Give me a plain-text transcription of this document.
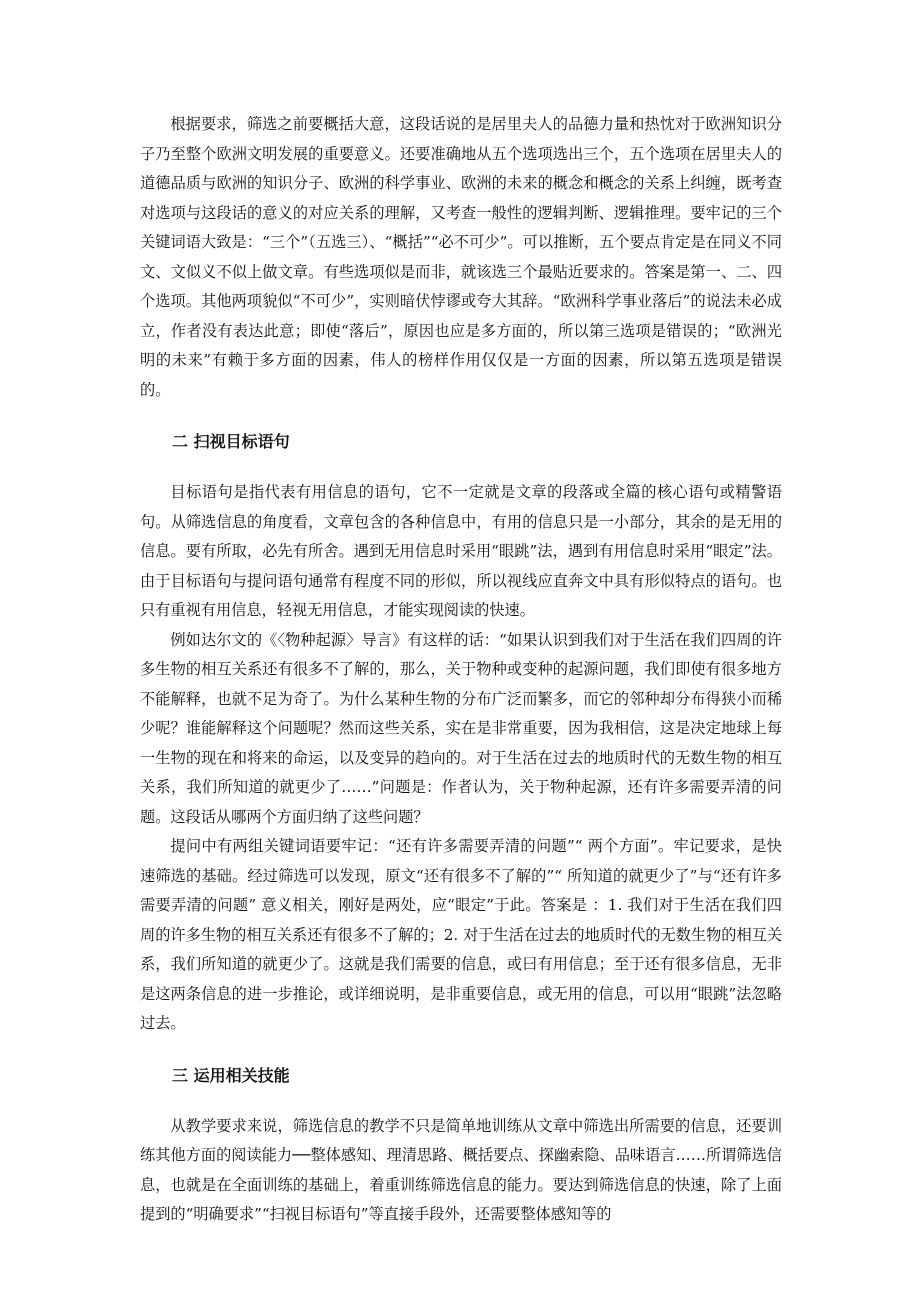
根据要求，筛选之前要概括大意，这段话说的是居里夫人的品德力量和热忱对于欧洲知识分子乃至整个欧洲文明发展的重要意义。还要准确地从五个选项选出三个，五个选项在居里夫人的道德品质与欧洲的知识分子、欧洲的科学事业、欧洲的未来的概念和概念的关系上纠缠，既考查对选项与这段话的意义的对应关系的理解，又考查一般性的逻辑判断、逻辑推理。要牢记的三个关键词语大致是：“三个”（五选三）、“概括”“必不可少”。可以推断，五个要点肯定是在同义不同文、文似义不似上做文章。有些选项似是而非，就该选三个最贴近要求的。答案是第一、二、四个选项。其他两项貌似“不可少”，实则暗伏悖谬或夸大其辞。“欧洲科学事业落后”的说法未必成立，作者没有表达此意；即使“落后”，原因也应是多方面的，所以第三选项是错误的；“欧洲光明的未来”有赖于多方面的因素，伟人的榜样作用仅仅是一方面的因素，所以第五选项是错误的。

二 扫视目标语句

目标语句是指代表有用信息的语句，它不一定就是文章的段落或全篇的核心语句或精警语句。从筛选信息的角度看，文章包含的各种信息中，有用的信息只是一小部分，其余的是无用的信息。要有所取，必先有所舍。遇到无用信息时采用“眼跳”法，遇到有用信息时采用“眼定”法。由于目标语句与提问语句通常有程度不同的形似，所以视线应直奔文中具有形似特点的语句。也只有重视有用信息，轻视无用信息，才能实现阅读的快速。

例如达尔文的《〈物种起源〉导言》有这样的话：“如果认识到我们对于生活在我们四周的许多生物的相互关系还有很多不了解的，那么，关于物种或变种的起源问题，我们即使有很多地方不能解释，也就不足为奇了。为什么某种生物的分布广泛而繁多，而它的邻种却分布得狭小而稀少呢？谁能解释这个问题呢？然而这些关系，实在是非常重要，因为我相信，这是决定地球上每一生物的现在和将来的命运，以及变异的趋向的。对于生活在过去的地质时代的无数生物的相互关系，我们所知道的就更少了……”问题是：作者认为，关于物种起源，还有许多需要弄清的问题。这段话从哪两个方面归纳了这些问题？

提问中有两组关键词语要牢记：“还有许多需要弄清的问题”“ 两个方面”。牢记要求，是快速筛选的基础。经过筛选可以发现，原文“还有很多不了解的”“ 所知道的就更少了”与“还有许多需要弄清的问题” 意义相关，刚好是两处，应“眼定”于此。答案是 ：1. 我们对于生活在我们四周的许多生物的相互关系还有很多不了解的；2. 对于生活在过去的地质时代的无数生物的相互关系，我们所知道的就更少了。这就是我们需要的信息，或曰有用信息；至于还有很多信息，无非是这两条信息的进一步推论，或详细说明，是非重要信息，或无用的信息，可以用“眼跳”法忽略过去。

三 运用相关技能

从教学要求来说，筛选信息的教学不只是简单地训练从文章中筛选出所需要的信息，还要训练其他方面的阅读能力──整体感知、理清思路、概括要点、探幽索隐、品味语言……所谓筛选信息，也就是在全面训练的基础上，着重训练筛选信息的能力。要达到筛选信息的快速，除了上面提到的“明确要求”“扫视目标语句”等直接手段外，还需要整体感知等的
